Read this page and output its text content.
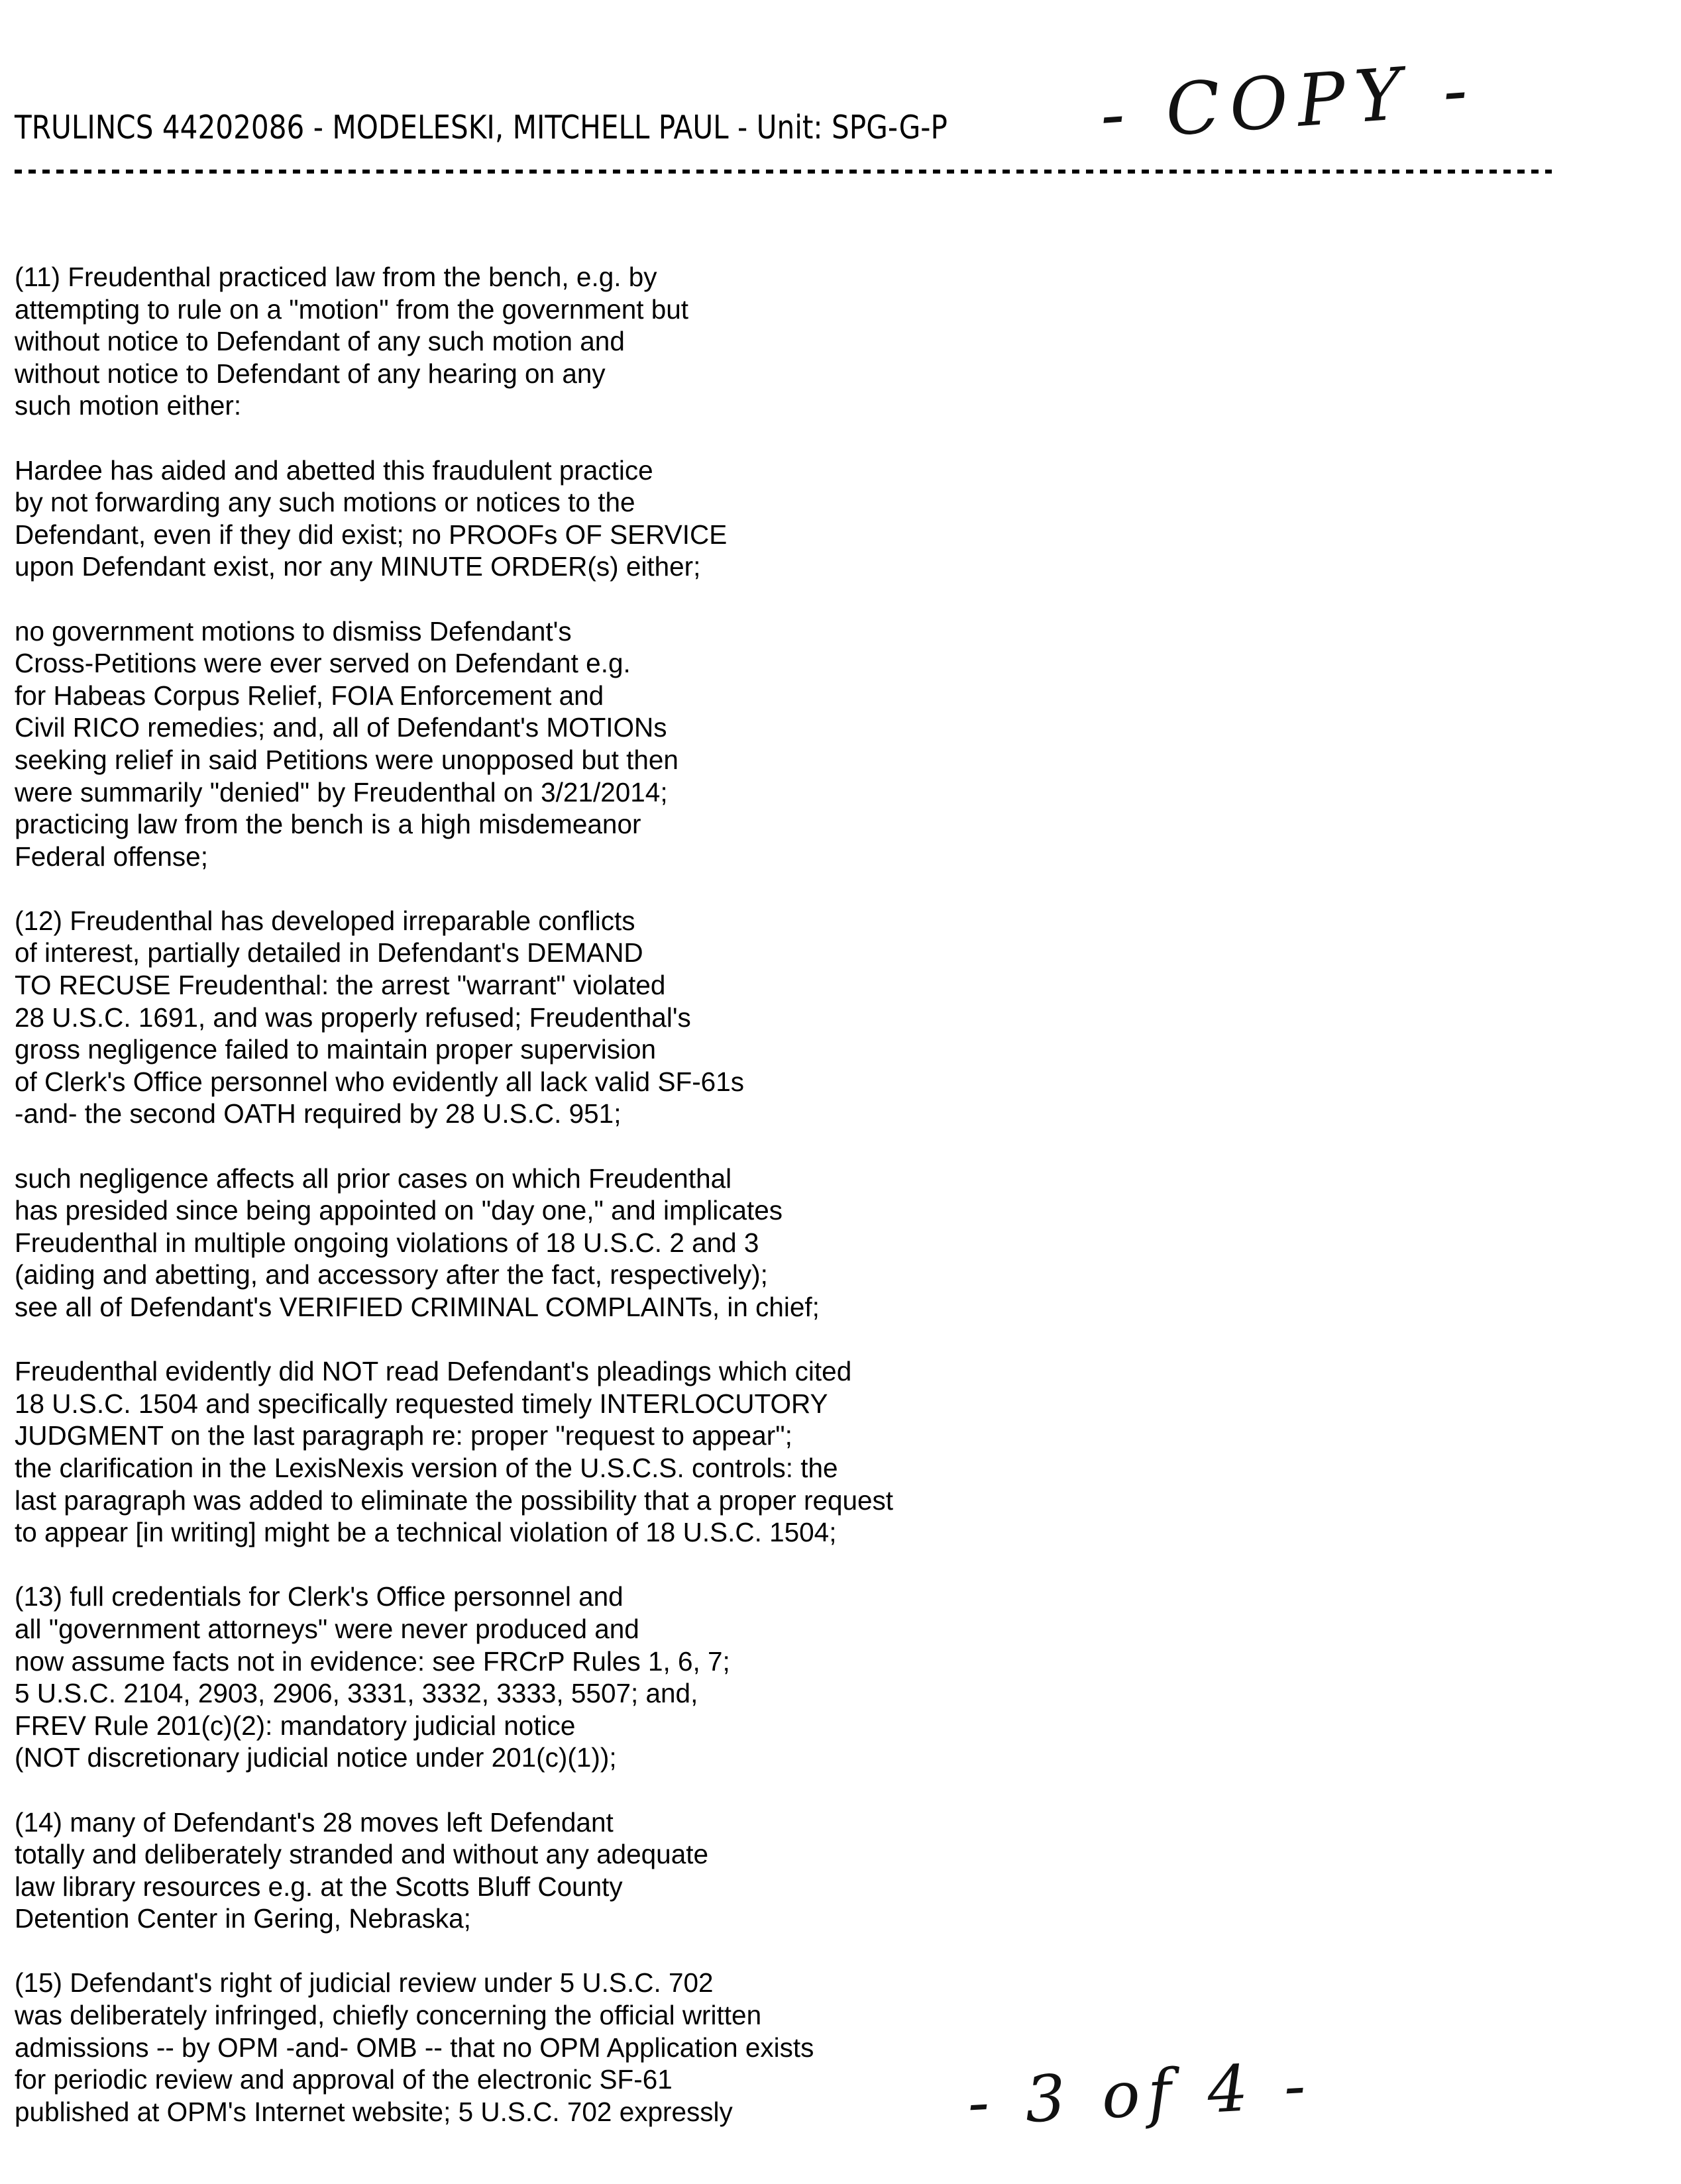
TRULINCS 44202086 - MODELESKI, MITCHELL PAUL - Unit: SPG-G-P - COPY -
(11) Freudenthal practiced law from the bench, e.g. by
attempting to rule on a "motion" from the government but
without notice to Defendant of any such motion and
without notice to Defendant of any hearing on any
such motion either:
Hardee has aided and abetted this fraudulent practice
by not forwarding any such motions or notices to the
Defendant, even if they did exist; no PROOFs OF SERVICE
upon Defendant exist, nor any MINUTE ORDER(s) either;
no government motions to dismiss Defendant's
Cross-Petitions were ever served on Defendant e.g.
for Habeas Corpus Relief, FOIA Enforcement and
Civil RICO remedies; and, all of Defendant's MOTIONs
seeking relief in said Petitions were unopposed but then
were summarily "denied" by Freudenthal on 3/21/2014;
practicing law from the bench is a high misdemeanor
Federal offense;
(12) Freudenthal has developed irreparable conflicts
of interest, partially detailed in Defendant's DEMAND
TO RECUSE Freudenthal: the arrest "warrant" violated
28 U.S.C. 1691, and was properly refused; Freudenthal's
gross negligence failed to maintain proper supervision
of Clerk's Office personnel who evidently all lack valid SF-61s
-and- the second OATH required by 28 U.S.C. 951;
such negligence affects all prior cases on which Freudenthal
has presided since being appointed on "day one," and implicates
Freudenthal in multiple ongoing violations of 18 U.S.C. 2 and 3
(aiding and abetting, and accessory after the fact, respectively);
see all of Defendant's VERIFIED CRIMINAL COMPLAINTs, in chief;
Freudenthal evidently did NOT read Defendant's pleadings which cited
18 U.S.C. 1504 and specifically requested timely INTERLOCUTORY
JUDGMENT on the last paragraph re: proper "request to appear";
the clarification in the LexisNexis version of the U.S.C.S. controls: the
last paragraph was added to eliminate the possibility that a proper request
to appear [in writing] might be a technical violation of 18 U.S.C. 1504;
(13) full credentials for Clerk's Office personnel and
all "government attorneys" were never produced and
now assume facts not in evidence: see FRCrP Rules 1, 6, 7;
5 U.S.C. 2104, 2903, 2906, 3331, 3332, 3333, 5507; and,
FREV Rule 201(c)(2): mandatory judicial notice
(NOT discretionary judicial notice under 201(c)(1));
(14) many of Defendant's 28 moves left Defendant
totally and deliberately stranded and without any adequate
law library resources e.g. at the Scotts Bluff County
Detention Center in Gering, Nebraska;
(15) Defendant's right of judicial review under 5 U.S.C. 702
was deliberately infringed, chiefly concerning the official written
admissions -- by OPM -and- OMB -- that no OPM Application exists
for periodic review and approval of the electronic SF-61
published at OPM's Internet website; 5 U.S.C. 702 expressly	- 3 of 4 -
